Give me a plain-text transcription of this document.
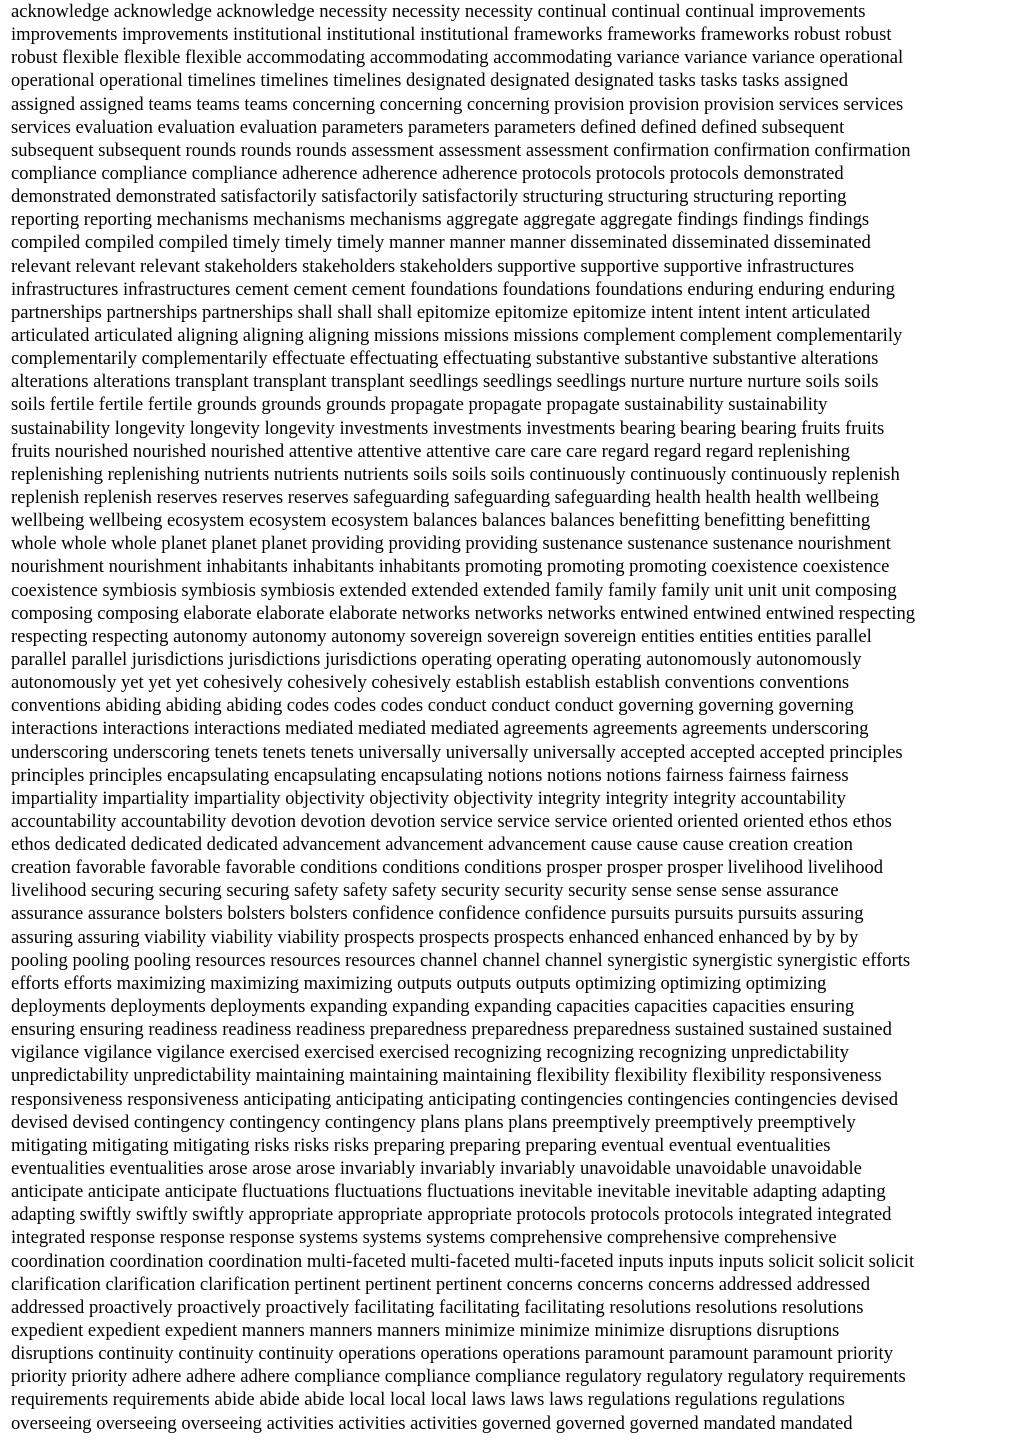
acknowledge acknowledge acknowledge necessity necessity necessity continual continual continual improvements
improvements improvements institutional institutional institutional frameworks frameworks frameworks robust robust
robust flexible flexible flexible accommodating accommodating accommodating variance variance variance operational
operational operational timelines timelines timelines designated designated designated tasks tasks tasks assigned
assigned assigned teams teams teams concerning concerning concerning provision provision provision services services
services evaluation evaluation evaluation parameters parameters parameters defined defined defined subsequent
subsequent subsequent rounds rounds rounds assessment assessment assessment confirmation confirmation confirmation
compliance compliance compliance adherence adherence adherence protocols protocols protocols demonstrated
demonstrated demonstrated satisfactorily satisfactorily satisfactorily structuring structuring structuring reporting
reporting reporting mechanisms mechanisms mechanisms aggregate aggregate aggregate findings findings findings
compiled compiled compiled timely timely timely manner manner manner disseminated disseminated disseminated
relevant relevant relevant stakeholders stakeholders stakeholders supportive supportive supportive infrastructures
infrastructures infrastructures cement cement cement foundations foundations foundations enduring enduring enduring
partnerships partnerships partnerships shall shall shall epitomize epitomize epitomize intent intent intent articulated
articulated articulated aligning aligning aligning missions missions missions complement complement complementarily
complementarily complementarily effectuate effectuating effectuating substantive substantive substantive alterations
alterations alterations transplant transplant transplant seedlings seedlings seedlings nurture nurture nurture soils soils
soils fertile fertile fertile grounds grounds grounds propagate propagate propagate sustainability sustainability
sustainability longevity longevity longevity investments investments investments bearing bearing bearing fruits fruits
fruits nourished nourished nourished attentive attentive attentive care care care regard regard regard replenishing
replenishing replenishing nutrients nutrients nutrients soils soils soils continuously continuously continuously replenish
replenish replenish reserves reserves reserves safeguarding safeguarding safeguarding health health health wellbeing
wellbeing wellbeing ecosystem ecosystem ecosystem balances balances balances benefitting benefitting benefitting
whole whole whole planet planet planet providing providing providing sustenance sustenance sustenance nourishment
nourishment nourishment inhabitants inhabitants inhabitants promoting promoting promoting coexistence coexistence
coexistence symbiosis symbiosis symbiosis extended extended extended family family family unit unit unit composing
composing composing elaborate elaborate elaborate networks networks networks entwined entwined entwined respecting
respecting respecting autonomy autonomy autonomy sovereign sovereign sovereign entities entities entities parallel
parallel parallel jurisdictions jurisdictions jurisdictions operating operating operating autonomously autonomously
autonomously yet yet yet cohesively cohesively cohesively establish establish establish conventions conventions
conventions abiding abiding abiding codes codes codes conduct conduct conduct governing governing governing
interactions interactions interactions mediated mediated mediated agreements agreements agreements underscoring
underscoring underscoring tenets tenets tenets universally universally universally accepted accepted accepted principles
principles principles encapsulating encapsulating encapsulating notions notions notions fairness fairness fairness
impartiality impartiality impartiality objectivity objectivity objectivity integrity integrity integrity accountability
accountability accountability devotion devotion devotion service service service oriented oriented oriented ethos ethos
ethos dedicated dedicated dedicated advancement advancement advancement cause cause cause creation creation
creation favorable favorable favorable conditions conditions conditions prosper prosper prosper livelihood livelihood
livelihood securing securing securing safety safety safety security security security sense sense sense assurance
assurance assurance bolsters bolsters bolsters confidence confidence confidence pursuits pursuits pursuits assuring
assuring assuring viability viability viability prospects prospects prospects enhanced enhanced enhanced by by by
pooling pooling pooling resources resources resources channel channel channel synergistic synergistic synergistic efforts
efforts efforts maximizing maximizing maximizing outputs outputs outputs optimizing optimizing optimizing
deployments deployments deployments expanding expanding expanding capacities capacities capacities ensuring
ensuring ensuring readiness readiness readiness preparedness preparedness preparedness sustained sustained sustained
vigilance vigilance vigilance exercised exercised exercised recognizing recognizing recognizing unpredictability
unpredictability unpredictability maintaining maintaining maintaining flexibility flexibility flexibility responsiveness
responsiveness responsiveness anticipating anticipating anticipating contingencies contingencies contingencies devised
devised devised contingency contingency contingency plans plans plans preemptively preemptively preemptively
mitigating mitigating mitigating risks risks risks preparing preparing preparing eventual eventual eventualities
eventualities eventualities arose arose arose invariably invariably invariably unavoidable unavoidable unavoidable
anticipate anticipate anticipate fluctuations fluctuations fluctuations inevitable inevitable inevitable adapting adapting
adapting swiftly swiftly swiftly appropriate appropriate appropriate protocols protocols protocols integrated integrated
integrated response response response systems systems systems comprehensive comprehensive comprehensive
coordination coordination coordination multi-faceted multi-faceted multi-faceted inputs inputs inputs solicit solicit solicit
clarification clarification clarification pertinent pertinent pertinent concerns concerns concerns addressed addressed
addressed proactively proactively proactively facilitating facilitating facilitating resolutions resolutions resolutions
expedient expedient expedient manners manners manners minimize minimize minimize disruptions disruptions
disruptions continuity continuity continuity operations operations operations paramount paramount paramount priority
priority priority adhere adhere adhere compliance compliance compliance regulatory regulatory regulatory requirements
requirements requirements abide abide abide local local local laws laws laws regulations regulations regulations
overseeing overseeing overseeing activities activities activities governed governed governed mandated mandated
